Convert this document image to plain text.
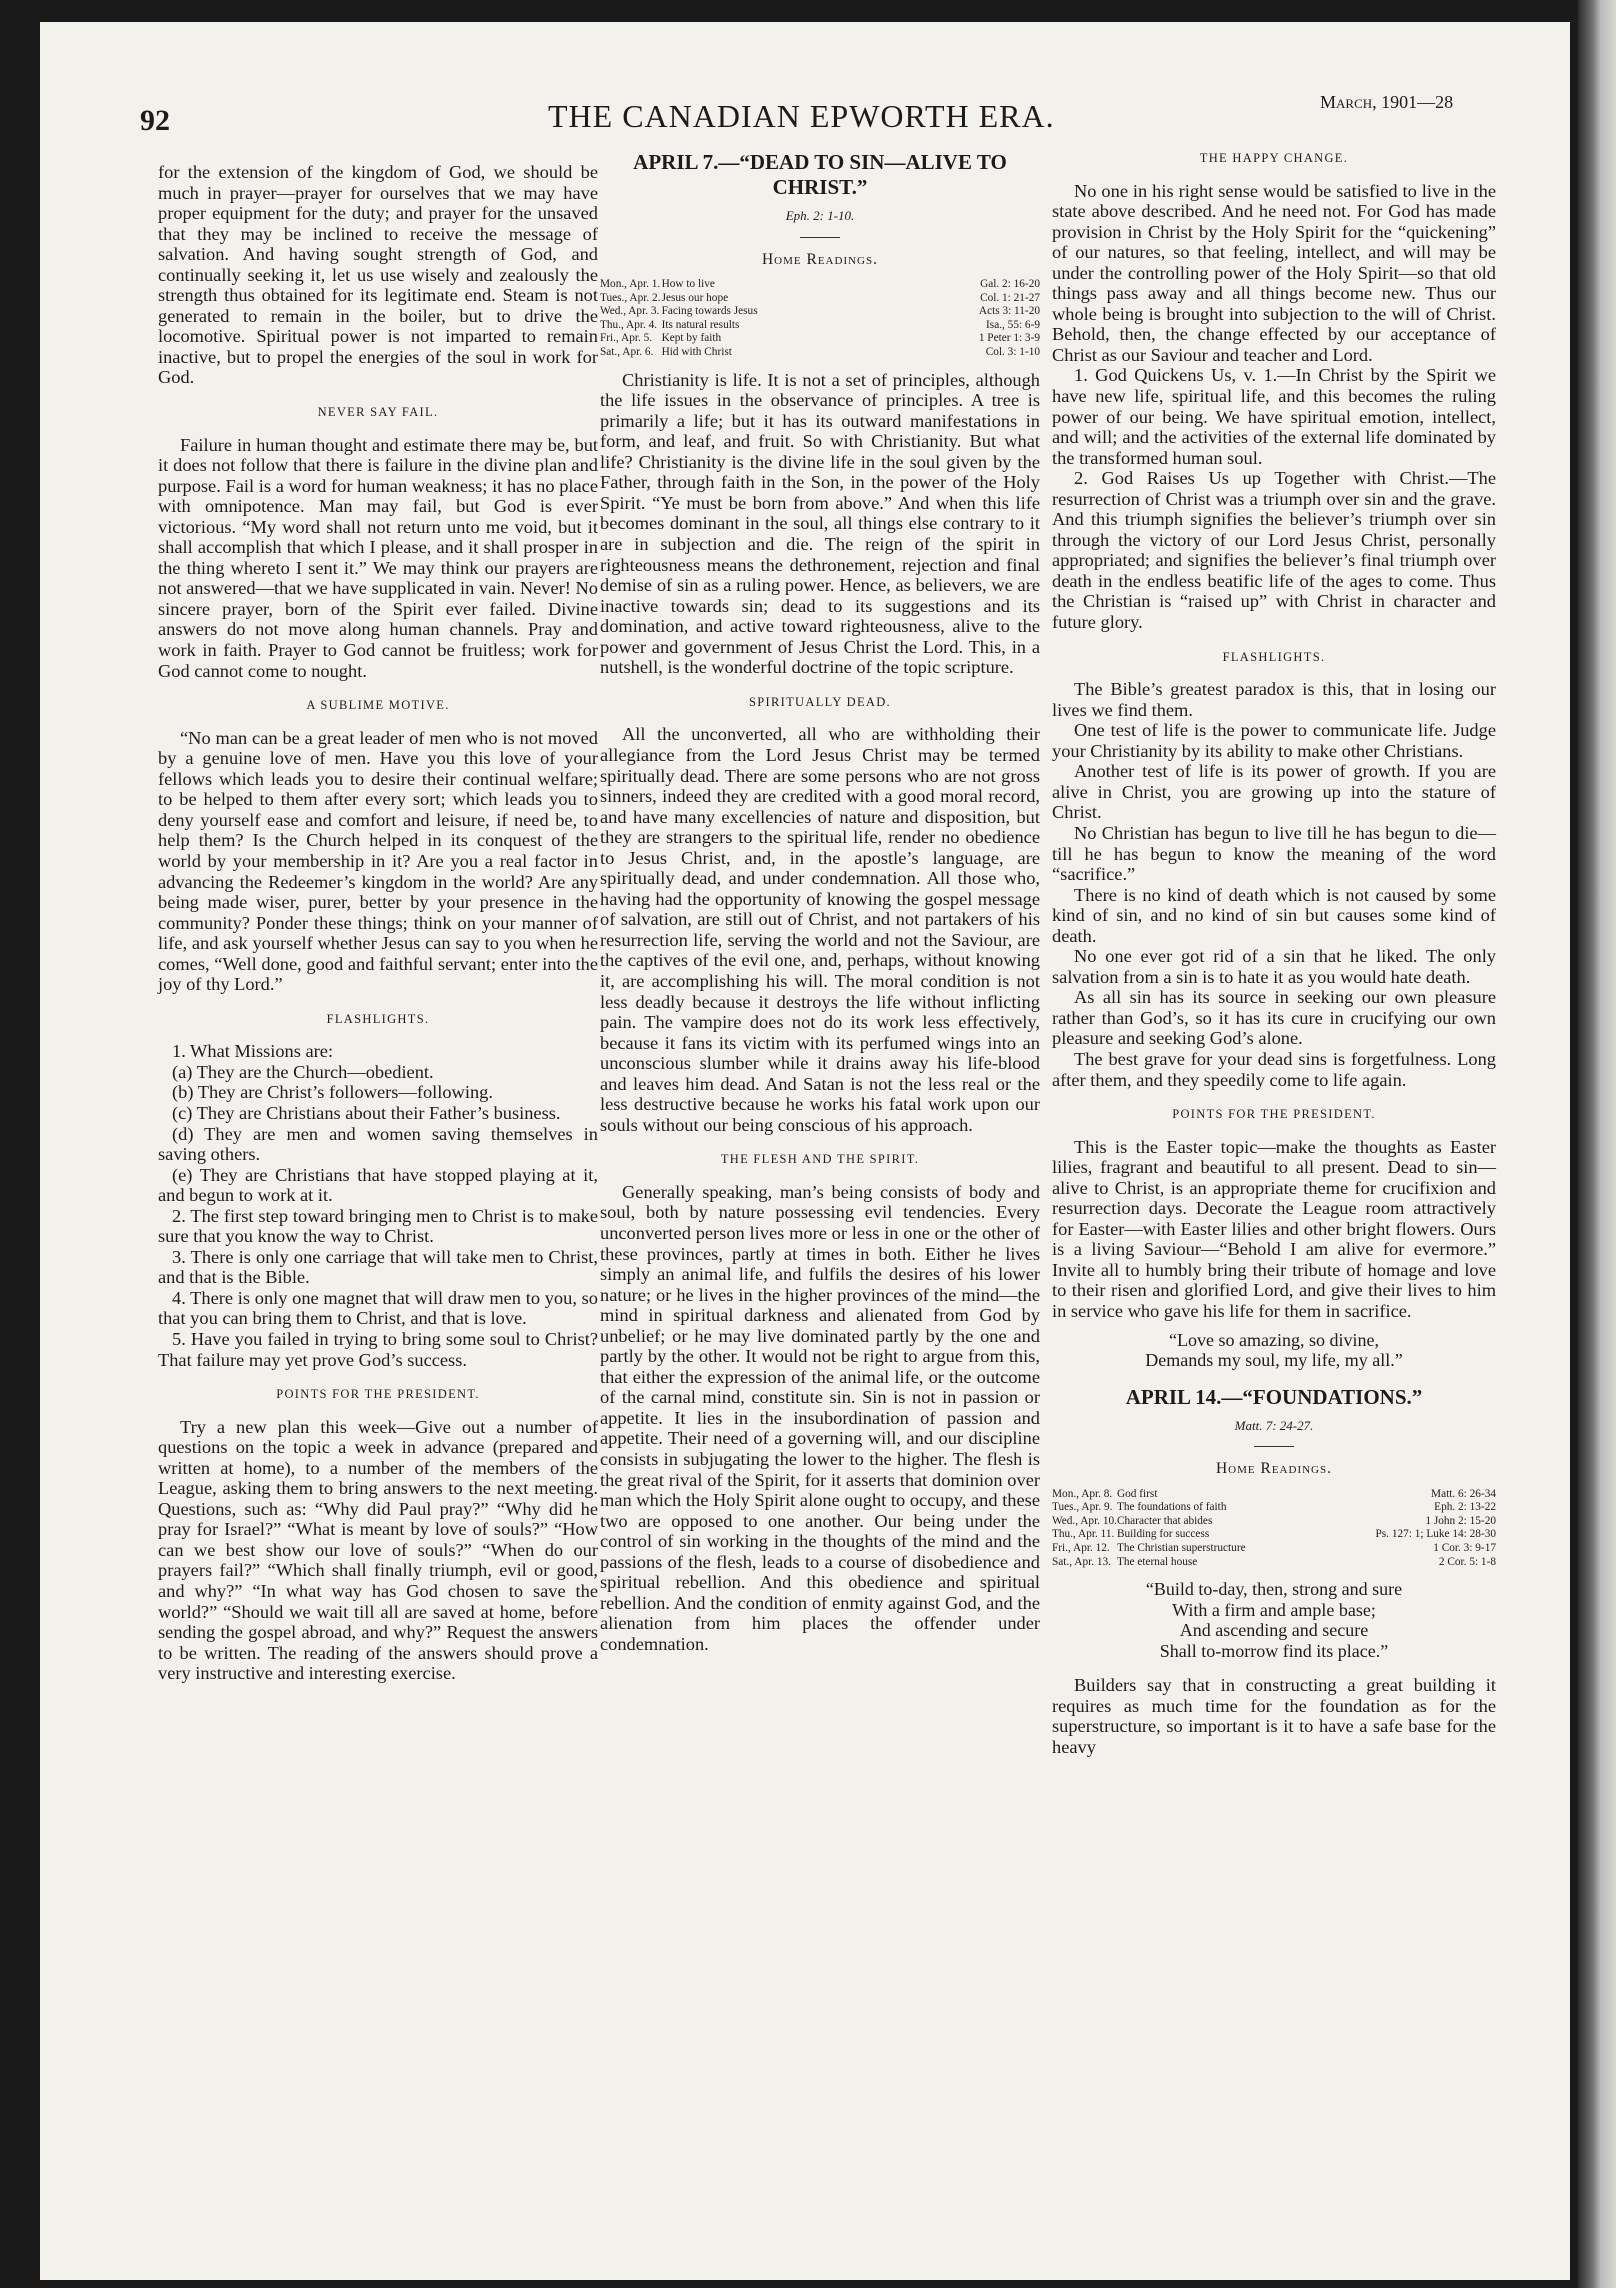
92	THE CANADIAN EPWORTH ERA.	March, 1901—28

for the extension of the kingdom of God, we should be much in prayer—prayer for ourselves that we may have proper equipment for the duty; and prayer for the unsaved that they may be inclined to receive the message of salvation. And having sought strength of God, and continually seeking it, let us use wisely and zealously the strength thus obtained for its legitimate end. Steam is not generated to remain in the boiler, but to drive the locomotive. Spiritual power is not imparted to remain inactive, but to propel the energies of the soul in work for God.

NEVER SAY FAIL.

Failure in human thought and estimate there may be, but it does not follow that there is failure in the divine plan and purpose. Fail is a word for human weakness; it has no place with omnipotence. Man may fail, but God is ever victorious. “My word shall not return unto me void, but it shall accomplish that which I please, and it shall prosper in the thing whereto I sent it.” We may think our prayers are not answered—that we have supplicated in vain. Never! No sincere prayer, born of the Spirit ever failed. Divine answers do not move along human channels. Pray and work in faith. Prayer to God cannot be fruitless; work for God cannot come to nought.

A SUBLIME MOTIVE.

“No man can be a great leader of men who is not moved by a genuine love of men. Have you this love of your fellows which leads you to desire their continual welfare; to be helped to them after every sort; which leads you to deny yourself ease and comfort and leisure, if need be, to help them? Is the Church helped in its conquest of the world by your membership in it? Are you a real factor in advancing the Redeemer’s kingdom in the world? Are any being made wiser, purer, better by your presence in the community? Ponder these things; think on your manner of life, and ask yourself whether Jesus can say to you when he comes, “Well done, good and faithful servant; enter into the joy of thy Lord.”

FLASHLIGHTS.

1. What Missions are:

(a) They are the Church—obedient.

(b) They are Christ’s followers—following.

(c) They are Christians about their Father’s business.

(d) They are men and women saving themselves in saving others.

(e) They are Christians that have stopped playing at it, and begun to work at it.

2. The first step toward bringing men to Christ is to make sure that you know the way to Christ.

3. There is only one carriage that will take men to Christ, and that is the Bible.

4. There is only one magnet that will draw men to you, so that you can bring them to Christ, and that is love.

5. Have you failed in trying to bring some soul to Christ? That failure may yet prove God’s success.

POINTS FOR THE PRESIDENT.

Try a new plan this week—Give out a number of questions on the topic a week in advance (prepared and written at home), to a number of the members of the League, asking them to bring answers to the next meeting. Questions, such as: “Why did Paul pray?” “Why did he pray for Israel?” “What is meant by love of souls?” “How can we best show our love of souls?” “When do our prayers fail?” “Which shall finally triumph, evil or good, and why?” “In what way has God chosen to save the world?” “Should we wait till all are saved at home, before sending the gospel abroad, and why?” Request the answers to be written. The reading of the answers should prove a very instructive and interesting exercise.

APRIL 7.—“DEAD TO SIN—ALIVE TO CHRIST.”
Eph. 2: 1-10.
Home Readings.
Mon., Apr. 1.	How to live	Gal. 2: 16-20
Tues., Apr. 2.	Jesus our hope	Col. 1: 21-27
Wed., Apr. 3.	Facing towards Jesus	Acts 3: 11-20
Thu., Apr. 4.	Its natural results	Isa., 55: 6-9
Fri., Apr. 5.	Kept by faith	1 Peter 1: 3-9
Sat., Apr. 6.	Hid with Christ	Col. 3: 1-10

Christianity is life. It is not a set of principles, although the life issues in the observance of principles. A tree is primarily a life; but it has its outward manifestations in form, and leaf, and fruit. So with Christianity. But what life? Christianity is the divine life in the soul given by the Father, through faith in the Son, in the power of the Holy Spirit. “Ye must be born from above.” And when this life becomes dominant in the soul, all things else contrary to it are in subjection and die. The reign of the spirit in righteousness means the dethronement, rejection and final demise of sin as a ruling power. Hence, as believers, we are inactive towards sin; dead to its suggestions and its domination, and active toward righteousness, alive to the power and government of Jesus Christ the Lord. This, in a nutshell, is the wonderful doctrine of the topic scripture.

SPIRITUALLY DEAD.

All the unconverted, all who are withholding their allegiance from the Lord Jesus Christ may be termed spiritually dead. There are some persons who are not gross sinners, indeed they are credited with a good moral record, and have many excellencies of nature and disposition, but they are strangers to the spiritual life, render no obedience to Jesus Christ, and, in the apostle’s language, are spiritually dead, and under condemnation. All those who, having had the opportunity of knowing the gospel message of salvation, are still out of Christ, and not partakers of his resurrection life, serving the world and not the Saviour, are the captives of the evil one, and, perhaps, without knowing it, are accomplishing his will. The moral condition is not less deadly because it destroys the life without inflicting pain. The vampire does not do its work less effectively, because it fans its victim with its perfumed wings into an unconscious slumber while it drains away his life-blood and leaves him dead. And Satan is not the less real or the less destructive because he works his fatal work upon our souls without our being conscious of his approach.

THE FLESH AND THE SPIRIT.

Generally speaking, man’s being consists of body and soul, both by nature possessing evil tendencies. Every unconverted person lives more or less in one or the other of these provinces, partly at times in both. Either he lives simply an animal life, and fulfils the desires of his lower nature; or he lives in the higher provinces of the mind—the mind in spiritual darkness and alienated from God by unbelief; or he may live dominated partly by the one and partly by the other. It would not be right to argue from this, that either the expression of the animal life, or the outcome of the carnal mind, constitute sin. Sin is not in passion or appetite. It lies in the insubordination of passion and appetite. Their need of a governing will, and our discipline consists in subjugating the lower to the higher. The flesh is the great rival of the Spirit, for it asserts that dominion over man which the Holy Spirit alone ought to occupy, and these two are opposed to one another. Our being under the control of sin working in the thoughts of the mind and the passions of the flesh, leads to a course of disobedience and spiritual rebellion. And this obedience and spiritual rebellion. And the condition of enmity against God, and the alienation from him places the offender under condemnation.

THE HAPPY CHANGE.

No one in his right sense would be satisfied to live in the state above described. And he need not. For God has made provision in Christ by the Holy Spirit for the “quickening” of our natures, so that feeling, intellect, and will may be under the controlling power of the Holy Spirit—so that old things pass away and all things become new. Thus our whole being is brought into subjection to the will of Christ. Behold, then, the change effected by our acceptance of Christ as our Saviour and teacher and Lord.

1. God Quickens Us, v. 1.—In Christ by the Spirit we have new life, spiritual life, and this becomes the ruling power of our being. We have spiritual emotion, intellect, and will; and the activities of the external life dominated by the transformed human soul.

2. God Raises Us up Together with Christ.—The resurrection of Christ was a triumph over sin and the grave. And this triumph signifies the believer’s triumph over sin through the victory of our Lord Jesus Christ, personally appropriated; and signifies the believer’s final triumph over death in the endless beatific life of the ages to come. Thus the Christian is “raised up” with Christ in character and future glory.

FLASHLIGHTS.

The Bible’s greatest paradox is this, that in losing our lives we find them.

One test of life is the power to communicate life. Judge your Christianity by its ability to make other Christians.

Another test of life is its power of growth. If you are alive in Christ, you are growing up into the stature of Christ.

No Christian has begun to live till he has begun to die—till he has begun to know the meaning of the word “sacrifice.”

There is no kind of death which is not caused by some kind of sin, and no kind of sin but causes some kind of death.

No one ever got rid of a sin that he liked. The only salvation from a sin is to hate it as you would hate death.

As all sin has its source in seeking our own pleasure rather than God’s, so it has its cure in crucifying our own pleasure and seeking God’s alone.

The best grave for your dead sins is forgetfulness. Long after them, and they speedily come to life again.

POINTS FOR THE PRESIDENT.

This is the Easter topic—make the thoughts as Easter lilies, fragrant and beautiful to all present. Dead to sin—alive to Christ, is an appropriate theme for crucifixion and resurrection days. Decorate the League room attractively for Easter—with Easter lilies and other bright flowers. Ours is a living Saviour—“Behold I am alive for evermore.” Invite all to humbly bring their tribute of homage and love to their risen and glorified Lord, and give their lives to him in service who gave his life for them in sacrifice.

“Love so amazing, so divine,
Demands my soul, my life, my all.”
APRIL 14.—“FOUNDATIONS.”
Matt. 7: 24-27.
Home Readings.
Mon., Apr. 8.	God first	Matt. 6: 26-34
Tues., Apr. 9.	The foundations of faith	Eph. 2: 13-22
Wed., Apr. 10.	Character that abides	1 John 2: 15-20
Thu., Apr. 11.	Building for success	Ps. 127: 1; Luke 14: 28-30
Fri., Apr. 12.	The Christian superstructure	1 Cor. 3: 9-17
Sat., Apr. 13.	The eternal house	2 Cor. 5: 1-8
“Build to-day, then, strong and sure
With a firm and ample base;
And ascending and secure
Shall to-morrow find its place.”

Builders say that in constructing a great building it requires as much time for the foundation as for the superstructure, so important is it to have a safe base for the heavy
